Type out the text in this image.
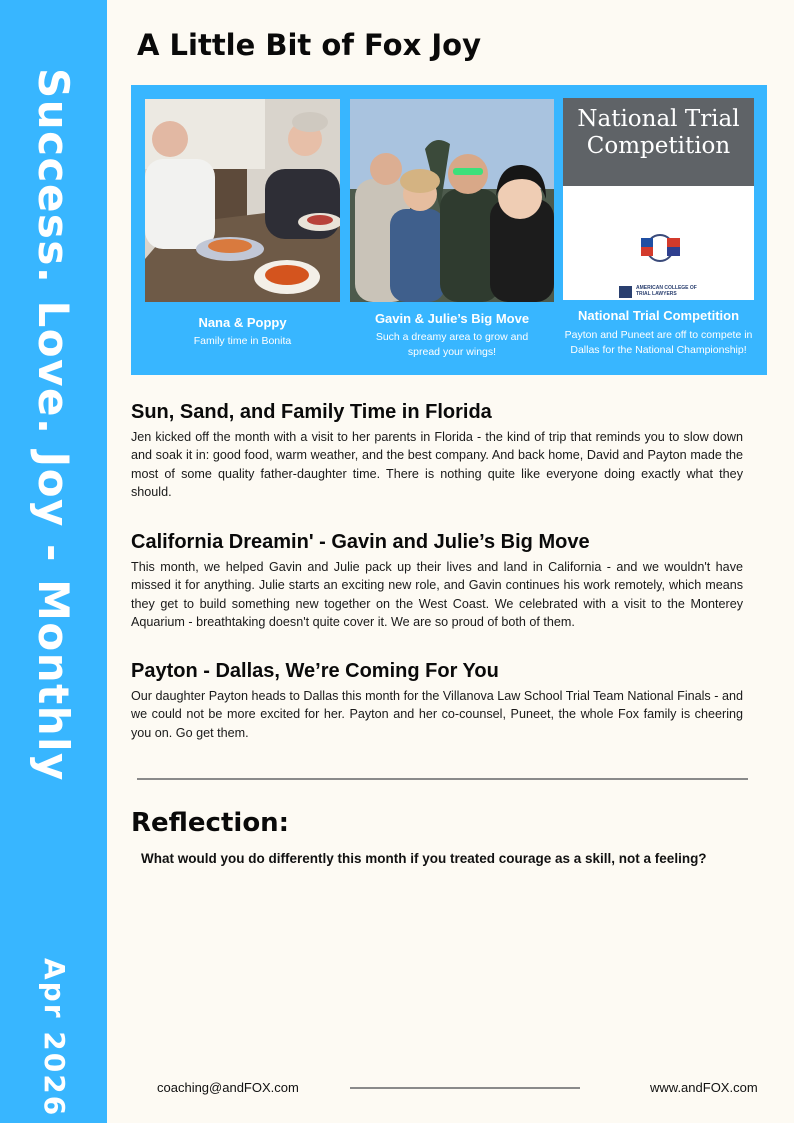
Success. Love. Joy - Monthly
Apr 2026
A Little Bit of Fox Joy
National Trial Competition
AMERICAN COLLEGE OF TRIAL LAWYERS
Nana & Poppy
Family time in Bonita
Gavin & Julie’s Big Move
Such a dreamy area to grow and spread your wings!
National Trial Competition
Payton and Puneet are off to compete in Dallas for the National Championship!
Sun, Sand, and Family Time in Florida

Jen kicked off the month with a visit to her parents in Florida - the kind of trip that reminds you to slow down and soak it in: good food, warm weather, and the best company. And back home, David and Payton made the most of some quality father-daughter time. There is nothing quite like everyone doing exactly what they should.

California Dreamin' - Gavin and Julie’s Big Move

This month, we helped Gavin and Julie pack up their lives and land in California - and we wouldn't have missed it for anything. Julie starts an exciting new role, and Gavin continues his work remotely, which means they get to build something new together on the West Coast. We celebrated with a visit to the Monterey Aquarium - breathtaking doesn't quite cover it. We are so proud of both of them.

Payton - Dallas, We’re Coming For You

Our daughter Payton heads to Dallas this month for the Villanova Law School Trial Team National Finals - and we could not be more excited for her. Payton and her co-counsel, Puneet, the whole Fox family is cheering you on. Go get them.

Reflection:
What would you do differently this month if you treated courage as a skill, not a feeling?
coaching@andFOX.com	www.andFOX.com
